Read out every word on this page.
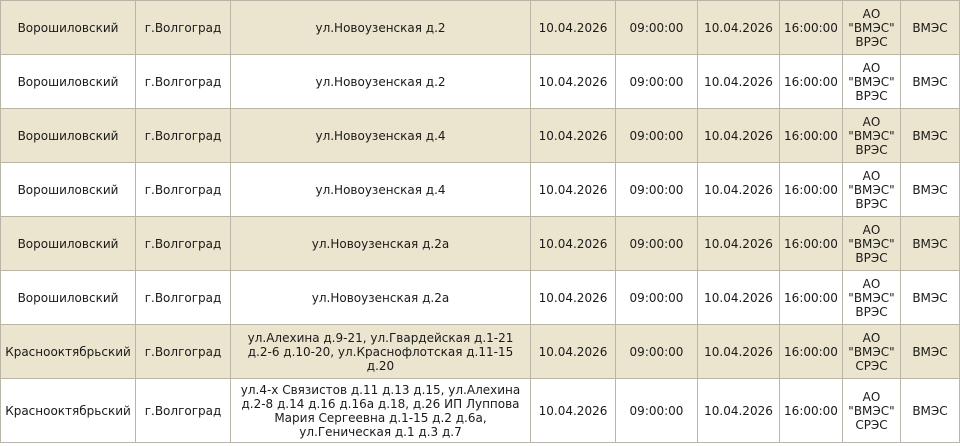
Ворошиловский	г.Волгоград	ул.Новоузенская д.2	10.04.2026	09:00:00	10.04.2026	16:00:00	АО "ВМЭС" ВРЭС	ВМЭС
Ворошиловский	г.Волгоград	ул.Новоузенская д.2	10.04.2026	09:00:00	10.04.2026	16:00:00	АО "ВМЭС" ВРЭС	ВМЭС
Ворошиловский	г.Волгоград	ул.Новоузенская д.4	10.04.2026	09:00:00	10.04.2026	16:00:00	АО "ВМЭС" ВРЭС	ВМЭС
Ворошиловский	г.Волгоград	ул.Новоузенская д.4	10.04.2026	09:00:00	10.04.2026	16:00:00	АО "ВМЭС" ВРЭС	ВМЭС
Ворошиловский	г.Волгоград	ул.Новоузенская д.2а	10.04.2026	09:00:00	10.04.2026	16:00:00	АО "ВМЭС" ВРЭС	ВМЭС
Ворошиловский	г.Волгоград	ул.Новоузенская д.2а	10.04.2026	09:00:00	10.04.2026	16:00:00	АО "ВМЭС" ВРЭС	ВМЭС
Краснооктябрьский	г.Волгоград	ул.Алехина д.9-21, ул.Гвардейская д.1-21 д.2-6 д.10-20, ул.Краснофлотская д.11-15 д.20	10.04.2026	09:00:00	10.04.2026	16:00:00	АО "ВМЭС" СРЭС	ВМЭС
Краснооктябрьский	г.Волгоград	ул.4-х Связистов д.11 д.13 д.15, ул.Алехина д.2-8 д.14 д.16 д.16а д.18, д.26 ИП Луппова Мария Сергеевна д.1-15 д.2 д.6а, ул.Геническая д.1 д.3 д.7	10.04.2026	09:00:00	10.04.2026	16:00:00	АО "ВМЭС" СРЭС	ВМЭС
